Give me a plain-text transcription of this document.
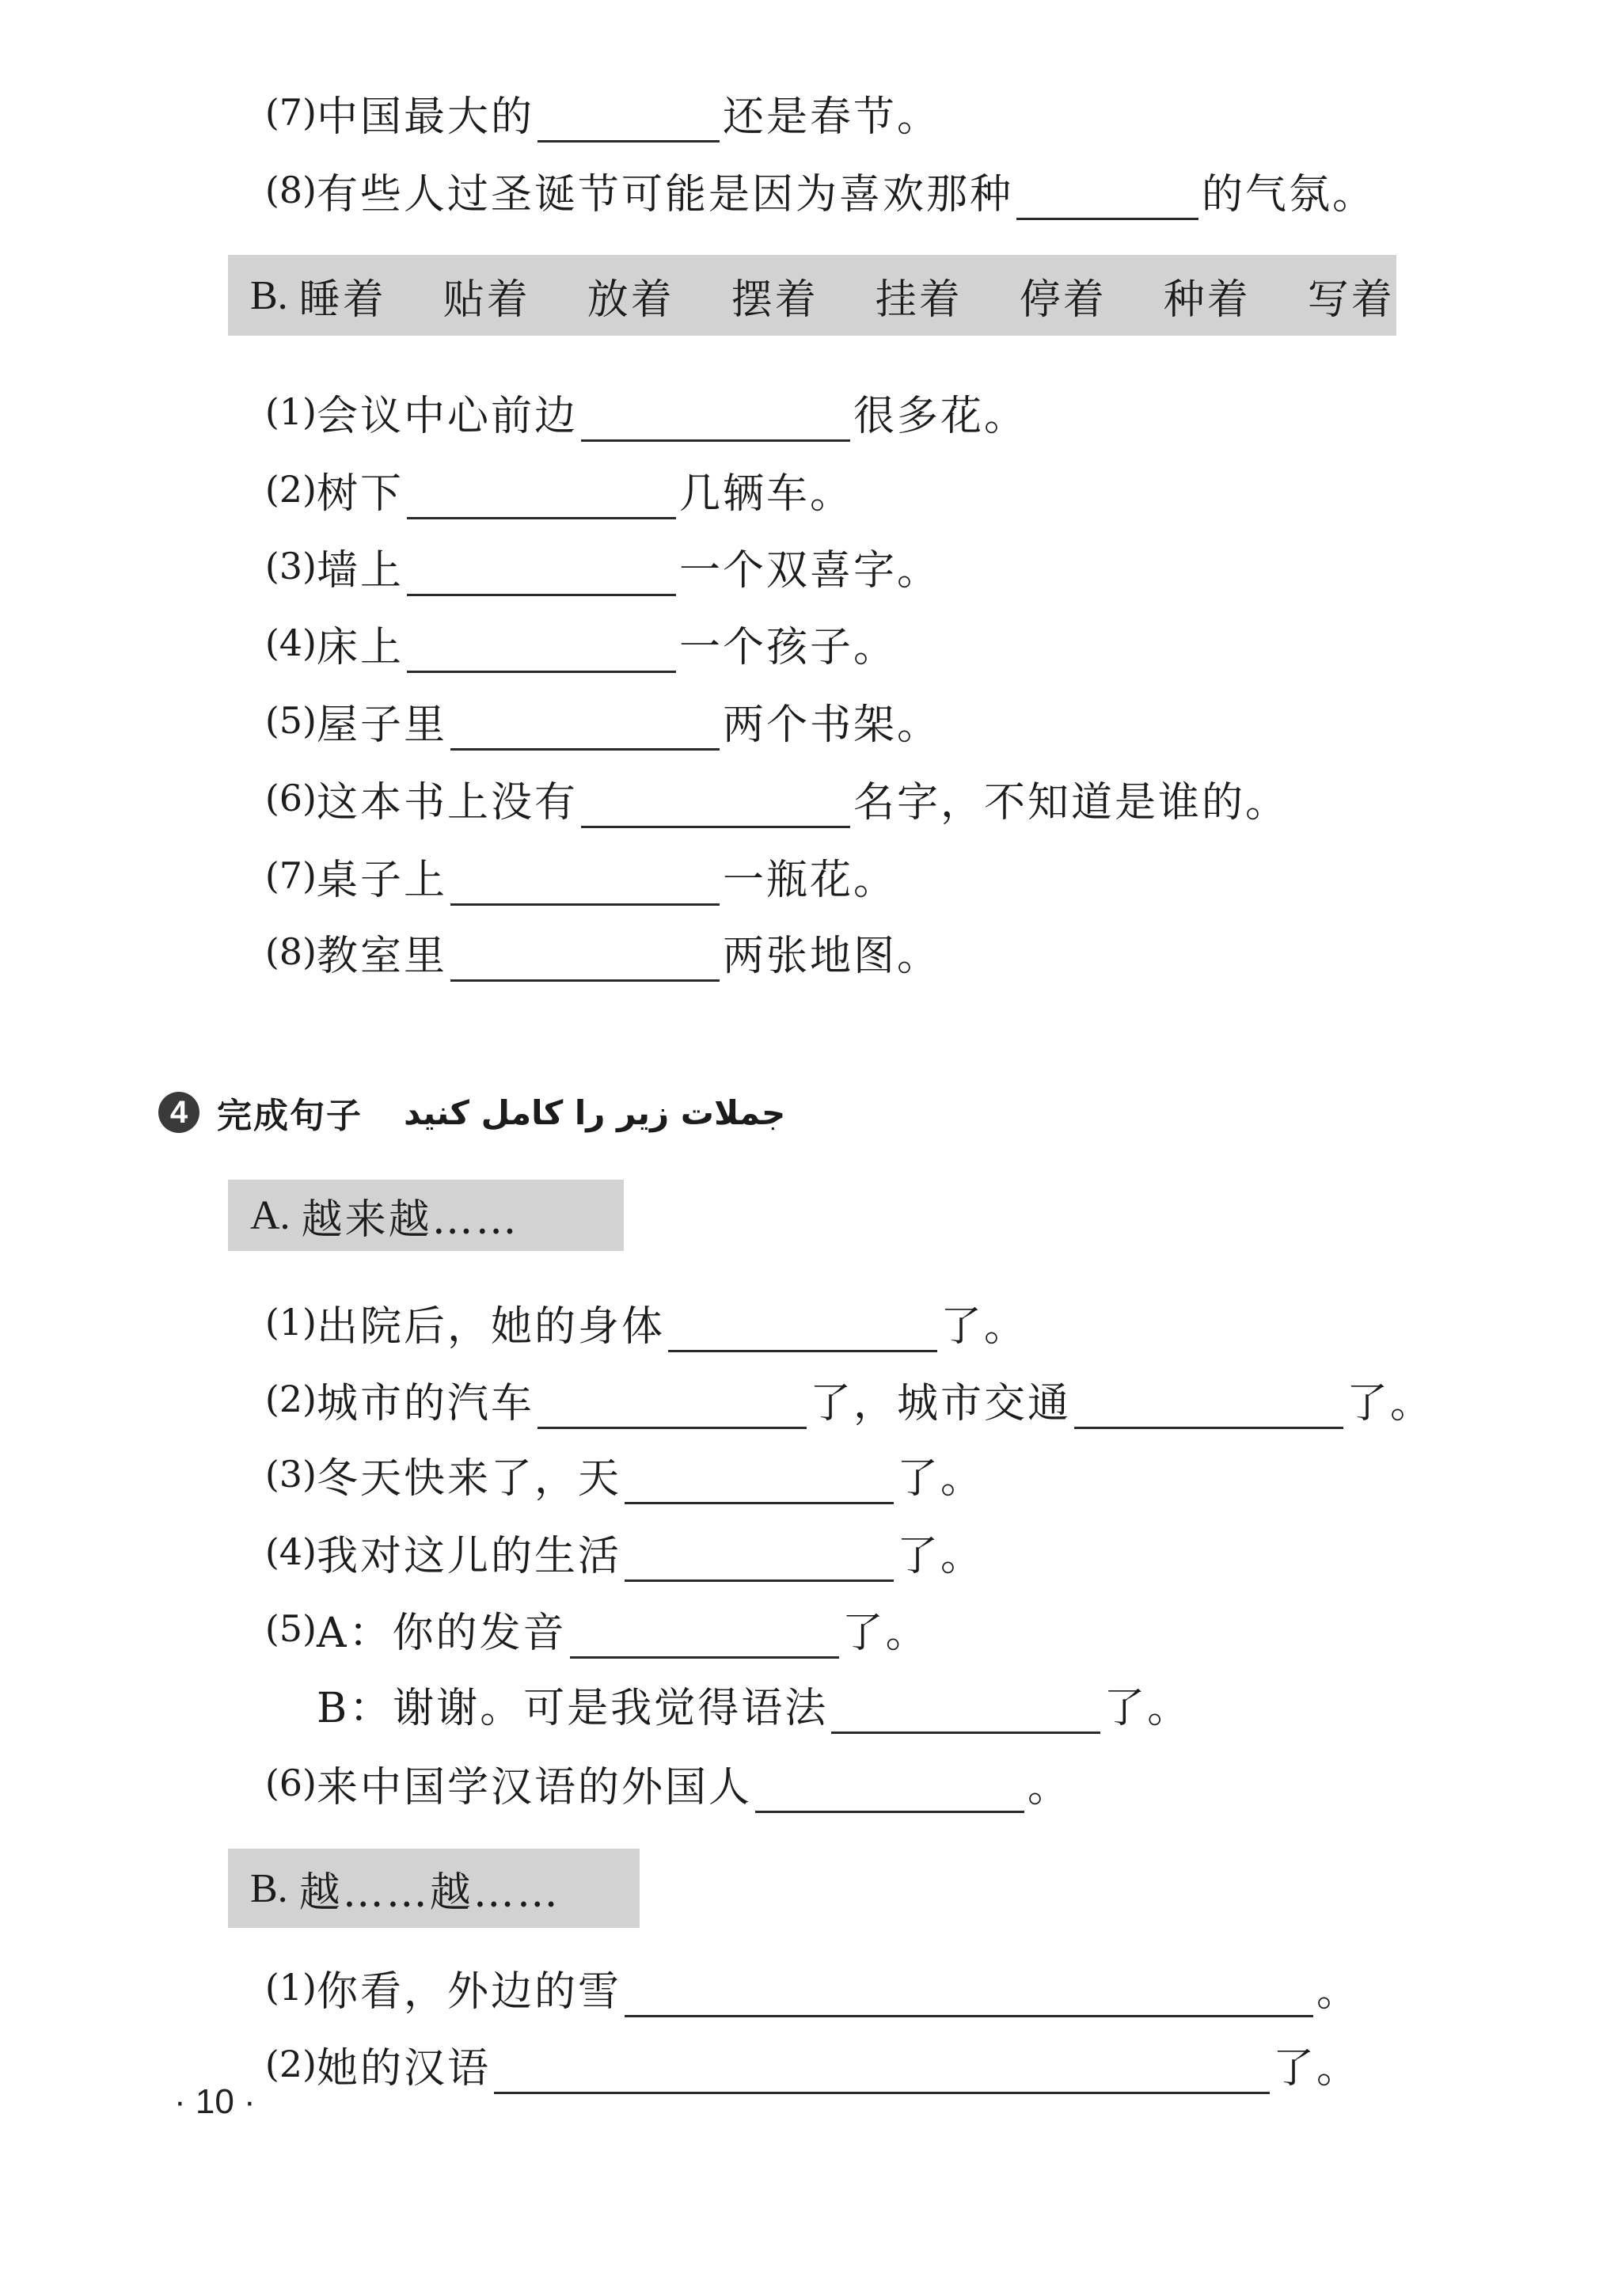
(7) 中国最大的	还是春节。
(8) 有些人过圣诞节可能是因为喜欢那种	的气氛。
B. 睡着 贴着 放着 摆着 挂着 停着 种着 写着
(1) 会议中心前边	很多花。
(2) 树下	几辆车。
(3) 墙上	一个双喜字。
(4) 床上	一个孩子。
(5) 屋子里	两个书架。
(6) 这本书上没有	名字，不知道是谁的。
(7) 桌子上	一瓶花。
(8) 教室里	两张地图。
4 完成句子 جملات زیر را کامل کنید
A. 越来越……
(1) 出院后，她的身体	了。
(2) 城市的汽车	了，城市交通	了。
(3) 冬天快来了，天	了。
(4) 我对这儿的生活	了。
(5) A：你的发音	了。
B：谢谢。可是我觉得语法	了。
(6) 来中国学汉语的外国人	。
B. 越……越……
(1) 你看，外边的雪	。
(2) 她的汉语	了。
· 10 ·
